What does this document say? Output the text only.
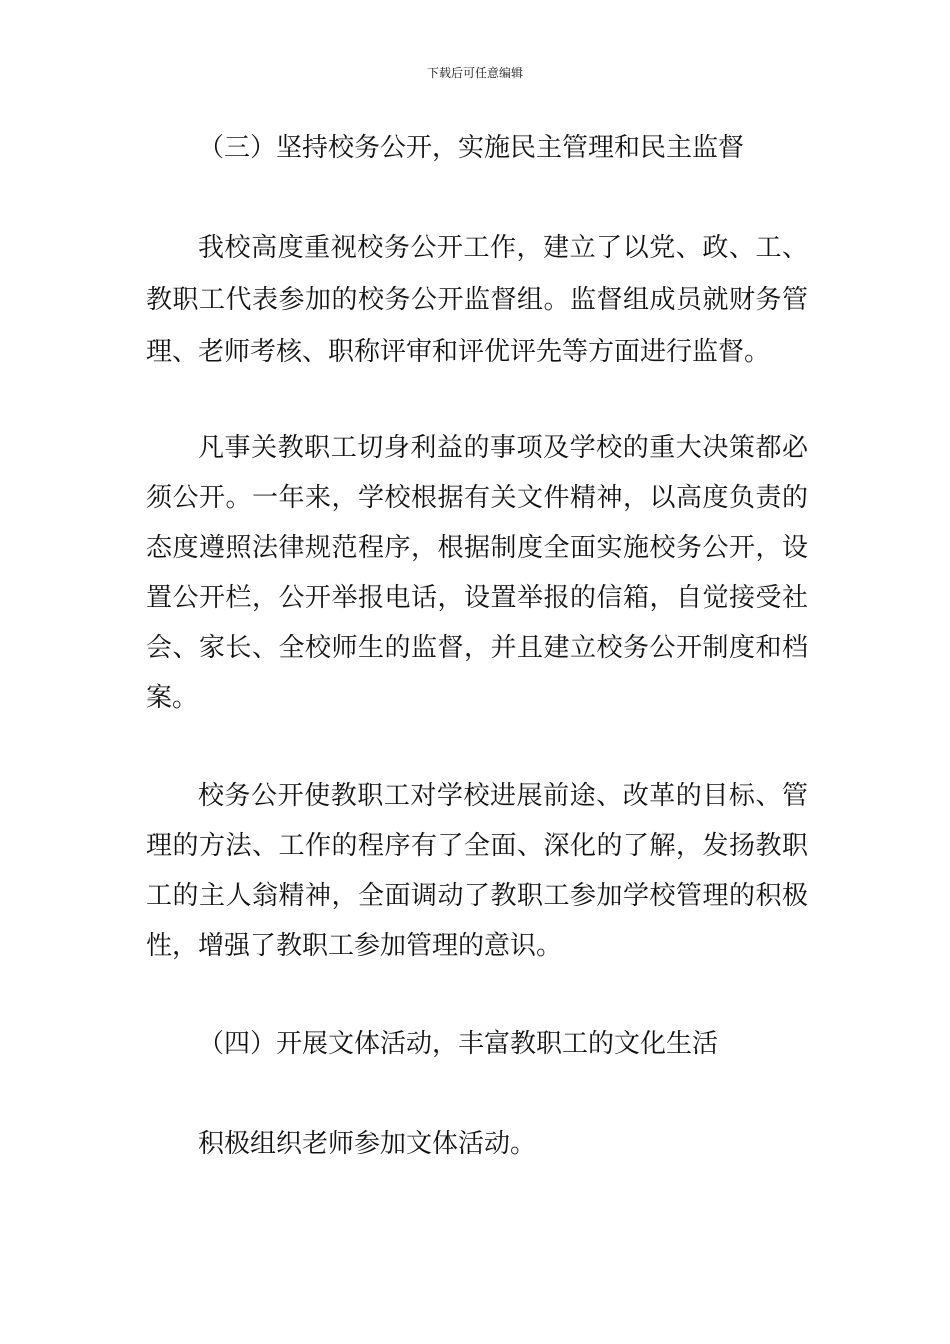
下载后可任意编辑
（三）坚持校务公开，实施民主管理和民主监督
我校高度重视校务公开工作，建立了以党、政、工、
教职工代表参加的校务公开监督组。监督组成员就财务管
理、老师考核、职称评审和评优评先等方面进行监督。
凡事关教职工切身利益的事项及学校的重大决策都必
须公开。一年来，学校根据有关文件精神，以高度负责的
态度遵照法律规范程序，根据制度全面实施校务公开，设
置公开栏，公开举报电话，设置举报的信箱，自觉接受社
会、家长、全校师生的监督，并且建立校务公开制度和档
案。
校务公开使教职工对学校进展前途、改革的目标、管
理的方法、工作的程序有了全面、深化的了解，发扬教职
工的主人翁精神，全面调动了教职工参加学校管理的积极
性，增强了教职工参加管理的意识。
（四）开展文体活动，丰富教职工的文化生活
积极组织老师参加文体活动。
